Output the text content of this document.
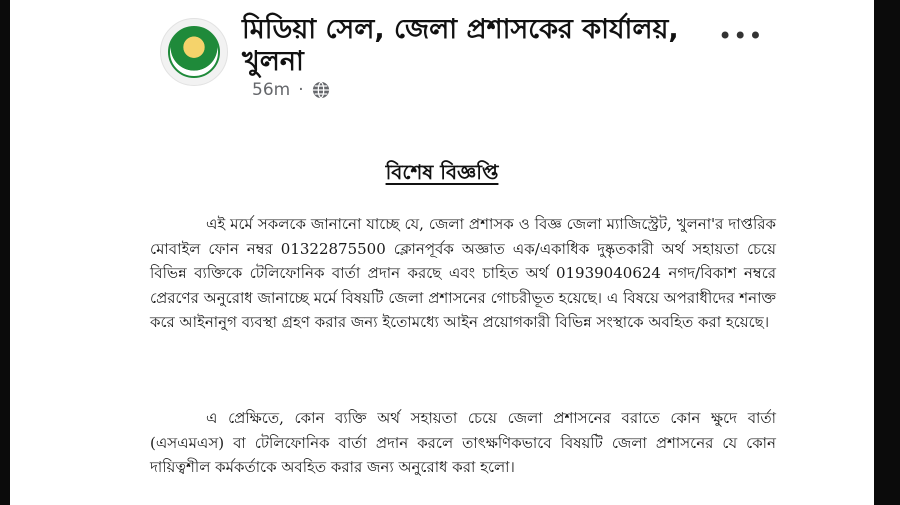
মিডিয়া সেল, জেলা প্রশাসকের কার্যালয়, খুলনা
56m ·
•••
বিশেষ বিজ্ঞপ্তি
এই মর্মে সকলকে জানানো যাচ্ছে যে, জেলা প্রশাসক ও বিজ্ঞ জেলা ম্যাজিস্ট্রেট, খুলনা'র দাপ্তরিক মোবাইল ফোন নম্বর 01322875500 ক্লোনপূর্বক অজ্ঞাত এক/একাধিক দুষ্কৃতকারী অর্থ সহায়তা চেয়ে বিভিন্ন ব্যক্তিকে টেলিফোনিক বার্তা প্রদান করছে এবং চাহিত অর্থ 01939040624 নগদ/বিকাশ নম্বরে প্রেরণের অনুরোধ জানাচ্ছে মর্মে বিষয়টি জেলা প্রশাসনের গোচরীভূত হয়েছে। এ বিষয়ে অপরাধীদের শনাক্ত করে আইনানুগ ব্যবস্থা গ্রহণ করার জন্য ইতোমধ্যে আইন প্রয়োগকারী বিভিন্ন সংস্থাকে অবহিত করা হয়েছে।
এ প্রেক্ষিতে, কোন ব্যক্তি অর্থ সহায়তা চেয়ে জেলা প্রশাসনের বরাতে কোন ক্ষুদে বার্তা (এসএমএস) বা টেলিফোনিক বার্তা প্রদান করলে তাৎক্ষণিকভাবে বিষয়টি জেলা প্রশাসনের যে কোন দায়িত্বশীল কর্মকর্তাকে অবহিত করার জন্য অনুরোধ করা হলো।
